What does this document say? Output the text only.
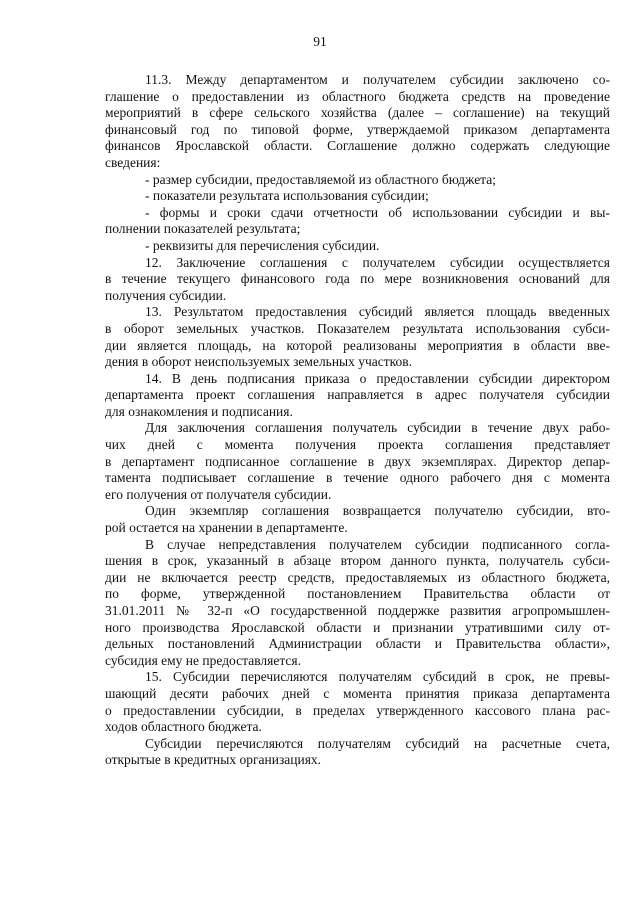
91
11.3. Между департаментом и получателем субсидии заключено со-
глашение о предоставлении из областного бюджета средств на проведение
мероприятий в сфере сельского хозяйства (далее – соглашение) на текущий
финансовый год по типовой форме, утверждаемой приказом департамента
финансов Ярославской области. Соглашение должно содержать следующие
сведения:
- размер субсидии, предоставляемой из областного бюджета;
- показатели результата использования субсидии;
- формы и сроки сдачи отчетности об использовании субсидии и вы-
полнении показателей результата;
- реквизиты для перечисления субсидии.
12. Заключение соглашения с получателем субсидии осуществляется
в течение текущего финансового года по мере возникновения оснований для
получения субсидии.
13. Результатом предоставления субсидий является площадь введенных
в оборот земельных участков. Показателем результата использования субси-
дии является площадь, на которой реализованы мероприятия в области вве-
дения в оборот неиспользуемых земельных участков.
14. В день подписания приказа о предоставлении субсидии директором
департамента проект соглашения направляется в адрес получателя субсидии
для ознакомления и подписания.
Для заключения соглашения получатель субсидии в течение двух рабо-
чих дней с момента получения проекта соглашения представляет
в департамент подписанное соглашение в двух экземплярах. Директор депар-
тамента подписывает соглашение в течение одного рабочего дня с момента
его получения от получателя субсидии.
Один экземпляр соглашения возвращается получателю субсидии, вто-
рой остается на хранении в департаменте.
В случае непредставления получателем субсидии подписанного согла-
шения в срок, указанный в абзаце втором данного пункта, получатель субси-
дии не включается реестр средств, предоставляемых из областного бюджета,
по форме, утвержденной постановлением Правительства области от
31.01.2011 № 32-п «О государственной поддержке развития агропромышлен-
ного производства Ярославской области и признании утратившими силу от-
дельных постановлений Администрации области и Правительства области»,
субсидия ему не предоставляется.
15. Субсидии перечисляются получателям субсидий в срок, не превы-
шающий десяти рабочих дней с момента принятия приказа департамента
о предоставлении субсидии, в пределах утвержденного кассового плана рас-
ходов областного бюджета.
Субсидии перечисляются получателям субсидий на расчетные счета,
открытые в кредитных организациях.
